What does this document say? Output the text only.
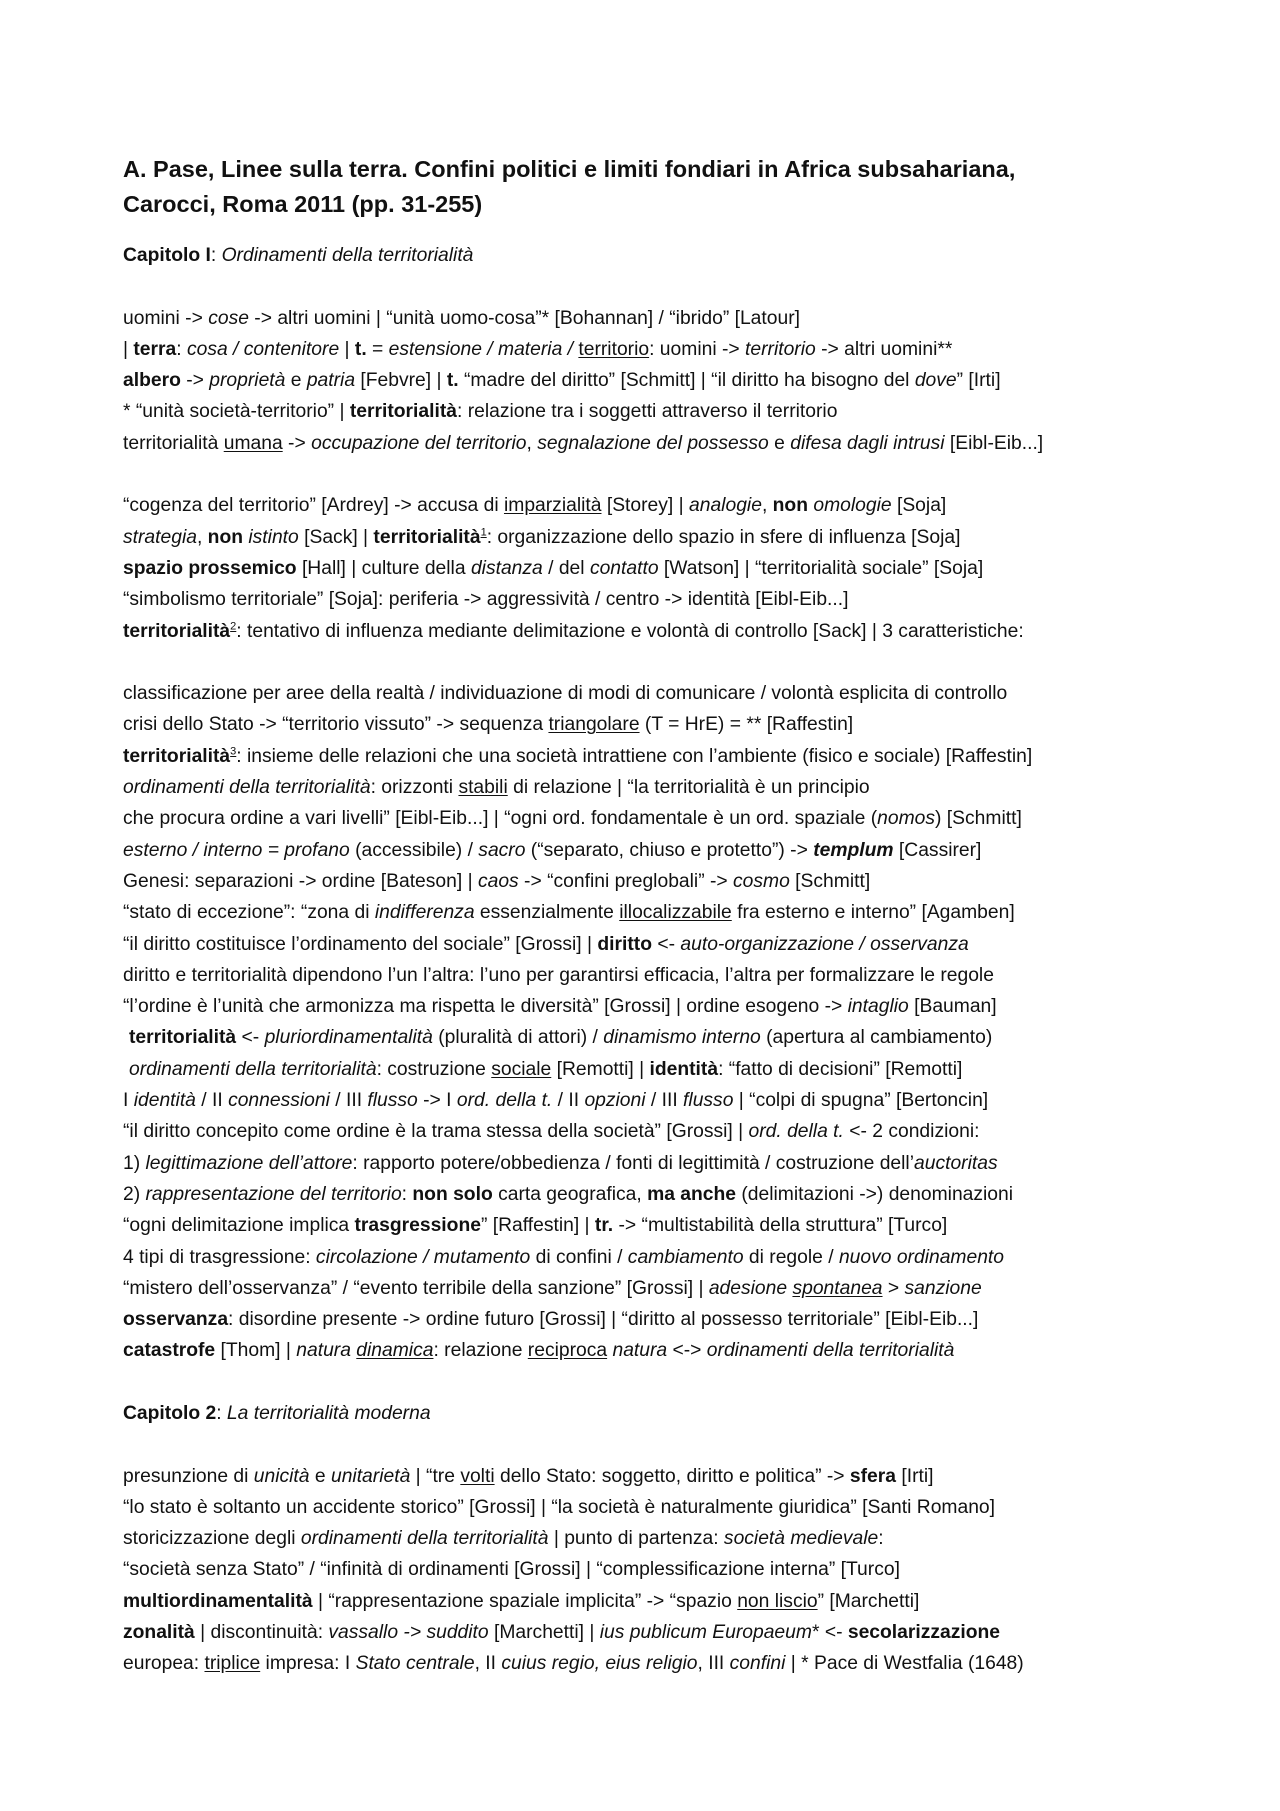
A. Pase, Linee sulla terra. Confini politici e limiti fondiari in Africa subsahariana,
Carocci, Roma 2011 (pp. 31-255)
Capitolo I: Ordinamenti della territorialità
uomini -> cose -> altri uomini | “unità uomo-cosa”* [Bohannan] / “ibrido” [Latour]
| terra: cosa / contenitore | t. = estensione / materia / territorio: uomini -> territorio -> altri uomini**
albero -> proprietà e patria [Febvre] | t. “madre del diritto” [Schmitt] | “il diritto ha bisogno del dove” [Irti]
* “unità società-territorio” | territorialità: relazione tra i soggetti attraverso il territorio
territorialità umana -> occupazione del territorio, segnalazione del possesso e difesa dagli intrusi [Eibl-Eib...]
“cogenza del territorio” [Ardrey] -> accusa di imparzialità [Storey] | analogie, non omologie [Soja]
strategia, non istinto [Sack] | territorialità$^1$: organizzazione dello spazio in sfere di influenza [Soja]
spazio prossemico [Hall] | culture della distanza / del contatto [Watson] | “territorialità sociale” [Soja]
“simbolismo territoriale” [Soja]: periferia -> aggressività / centro -> identità [Eibl-Eib...]
territorialità$^2$: tentativo di influenza mediante delimitazione e volontà di controllo [Sack] | 3 caratteristiche:
classificazione per aree della realtà / individuazione di modi di comunicare / volontà esplicita di controllo
crisi dello Stato -> “territorio vissuto” -> sequenza triangolare (T = HrE) = ** [Raffestin]
territorialità$^3$: insieme delle relazioni che una società intrattiene con l’ambiente (fisico e sociale) [Raffestin]
ordinamenti della territorialità: orizzonti stabili di relazione | “la territorialità è un principio
che procura ordine a vari livelli” [Eibl-Eib...] | “ogni ord. fondamentale è un ord. spaziale (nomos) [Schmitt]
esterno / interno = profano (accessibile) / sacro (“separato, chiuso e protetto”) -> templum [Cassirer]
Genesi: separazioni -> ordine [Bateson] | caos -> “confini preglobali” -> cosmo [Schmitt]
“stato di eccezione”: “zona di indifferenza essenzialmente illocalizzabile fra esterno e interno” [Agamben]
“il diritto costituisce l’ordinamento del sociale” [Grossi] | diritto <- auto-organizzazione / osservanza
diritto e territorialità dipendono l’un l’altra: l’uno per garantirsi efficacia, l’altra per formalizzare le regole
“l’ordine è l’unità che armonizza ma rispetta le diversità” [Grossi] | ordine esogeno -> intaglio [Bauman]
territorialità <- pluriordinamentalità (pluralità di attori) / dinamismo interno (apertura al cambiamento)
ordinamenti della territorialità: costruzione sociale [Remotti] | identità: “fatto di decisioni” [Remotti]
I identità / II connessioni / III flusso -> I ord. della t. / II opzioni / III flusso | “colpi di spugna” [Bertoncin]
“il diritto concepito come ordine è la trama stessa della società” [Grossi] | ord. della t. <- 2 condizioni:
1) legittimazione dell’attore: rapporto potere/obbedienza / fonti di legittimità / costruzione dell’auctoritas
2) rappresentazione del territorio: non solo carta geografica, ma anche (delimitazioni ->) denominazioni
“ogni delimitazione implica trasgressione” [Raffestin] | tr. -> “multistabilità della struttura” [Turco]
4 tipi di trasgressione: circolazione / mutamento di confini / cambiamento di regole / nuovo ordinamento
“mistero dell’osservanza” / “evento terribile della sanzione” [Grossi] | adesione spontanea > sanzione
osservanza: disordine presente -> ordine futuro [Grossi] | “diritto al possesso territoriale” [Eibl-Eib...]
catastrofe [Thom] | natura dinamica: relazione reciproca natura <-> ordinamenti della territorialità
Capitolo 2: La territorialità moderna
presunzione di unicità e unitarietà | “tre volti dello Stato: soggetto, diritto e politica” -> sfera [Irti]
“lo stato è soltanto un accidente storico” [Grossi] | “la società è naturalmente giuridica” [Santi Romano]
storicizzazione degli ordinamenti della territorialità | punto di partenza: società medievale:
“società senza Stato” / “infinità di ordinamenti [Grossi] | “complessificazione interna” [Turco]
multiordinamentalità | “rappresentazione spaziale implicita” -> “spazio non liscio” [Marchetti]
zonalità | discontinuità: vassallo -> suddito [Marchetti] | ius publicum Europaeum* <- secolarizzazione
europea: triplice impresa: I Stato centrale, II cuius regio, eius religio, III confini | * Pace di Westfalia (1648)
